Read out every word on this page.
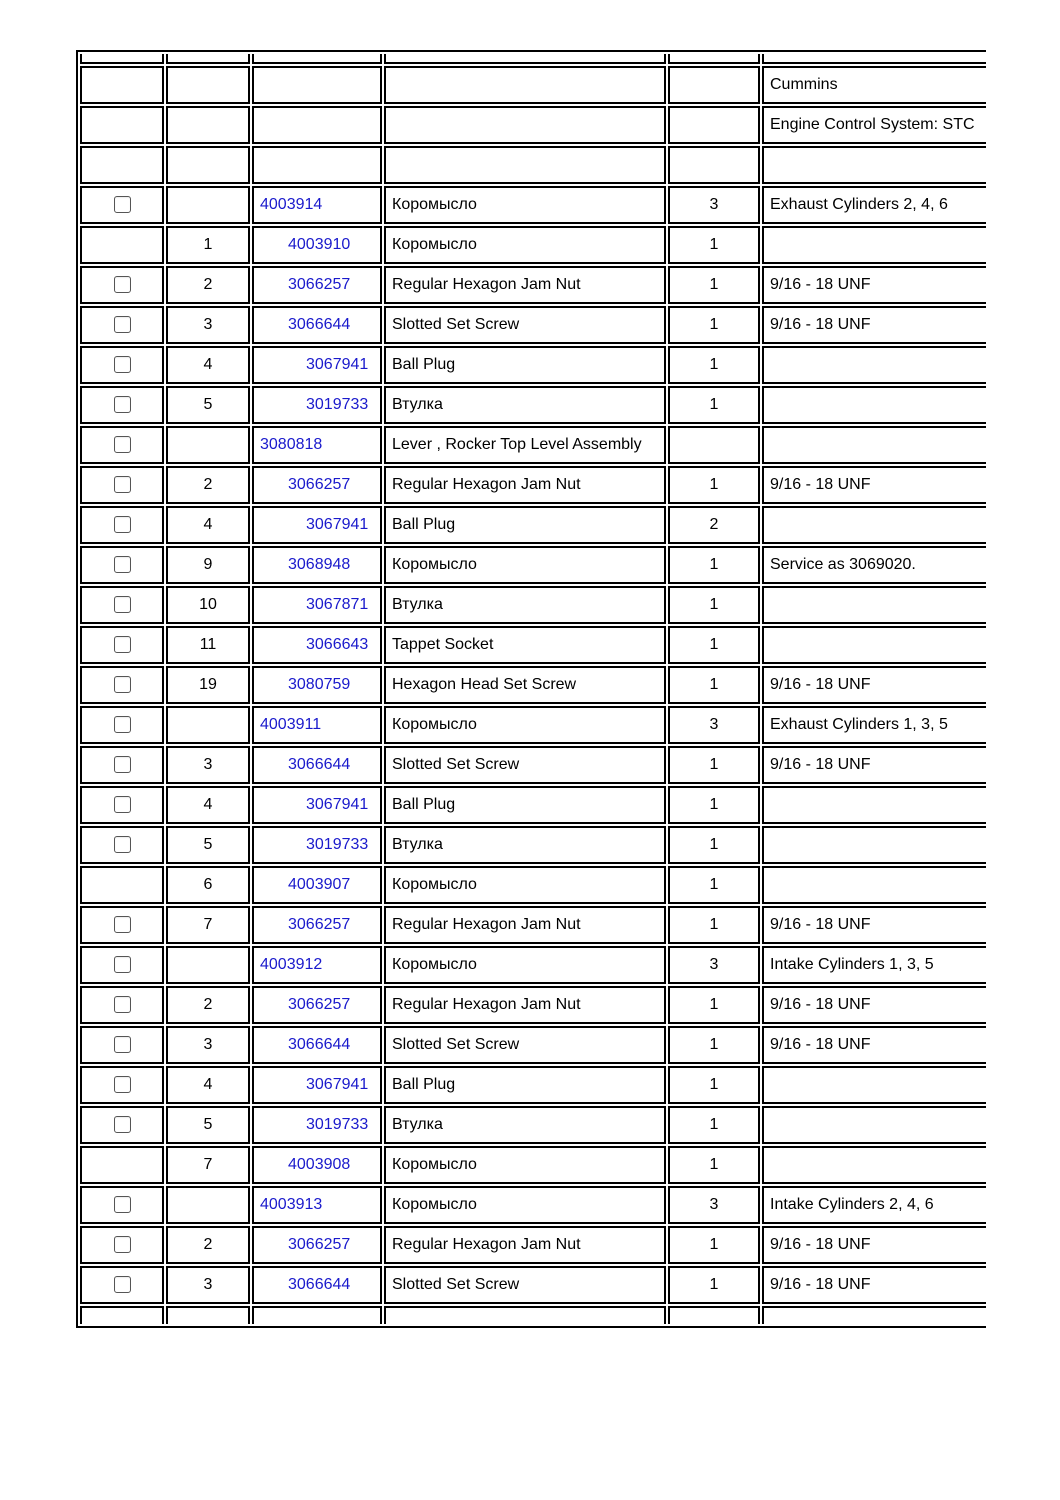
					Cummins
					Engine Control System: STC

		4003914	Коромысло	3	Exhaust Cylinders 2, 4, 6
	1	4003910	Коромысло	1	
	2	3066257	Regular Hexagon Jam Nut	1	9/16 - 18 UNF
	3	3066644	Slotted Set Screw	1	9/16 - 18 UNF
	4	3067941	Ball Plug	1	
	5	3019733	Втулка	1	
		3080818	Lever , Rocker Top Level Assembly		
	2	3066257	Regular Hexagon Jam Nut	1	9/16 - 18 UNF
	4	3067941	Ball Plug	2	
	9	3068948	Коромысло	1	Service as 3069020.
	10	3067871	Втулка	1	
	11	3066643	Tappet Socket	1	
	19	3080759	Hexagon Head Set Screw	1	9/16 - 18 UNF
		4003911	Коромысло	3	Exhaust Cylinders 1, 3, 5
	3	3066644	Slotted Set Screw	1	9/16 - 18 UNF
	4	3067941	Ball Plug	1	
	5	3019733	Втулка	1	
	6	4003907	Коромысло	1	
	7	3066257	Regular Hexagon Jam Nut	1	9/16 - 18 UNF
		4003912	Коромысло	3	Intake Cylinders 1, 3, 5
	2	3066257	Regular Hexagon Jam Nut	1	9/16 - 18 UNF
	3	3066644	Slotted Set Screw	1	9/16 - 18 UNF
	4	3067941	Ball Plug	1	
	5	3019733	Втулка	1	
	7	4003908	Коромысло	1	
		4003913	Коромысло	3	Intake Cylinders 2, 4, 6
	2	3066257	Regular Hexagon Jam Nut	1	9/16 - 18 UNF
	3	3066644	Slotted Set Screw	1	9/16 - 18 UNF
